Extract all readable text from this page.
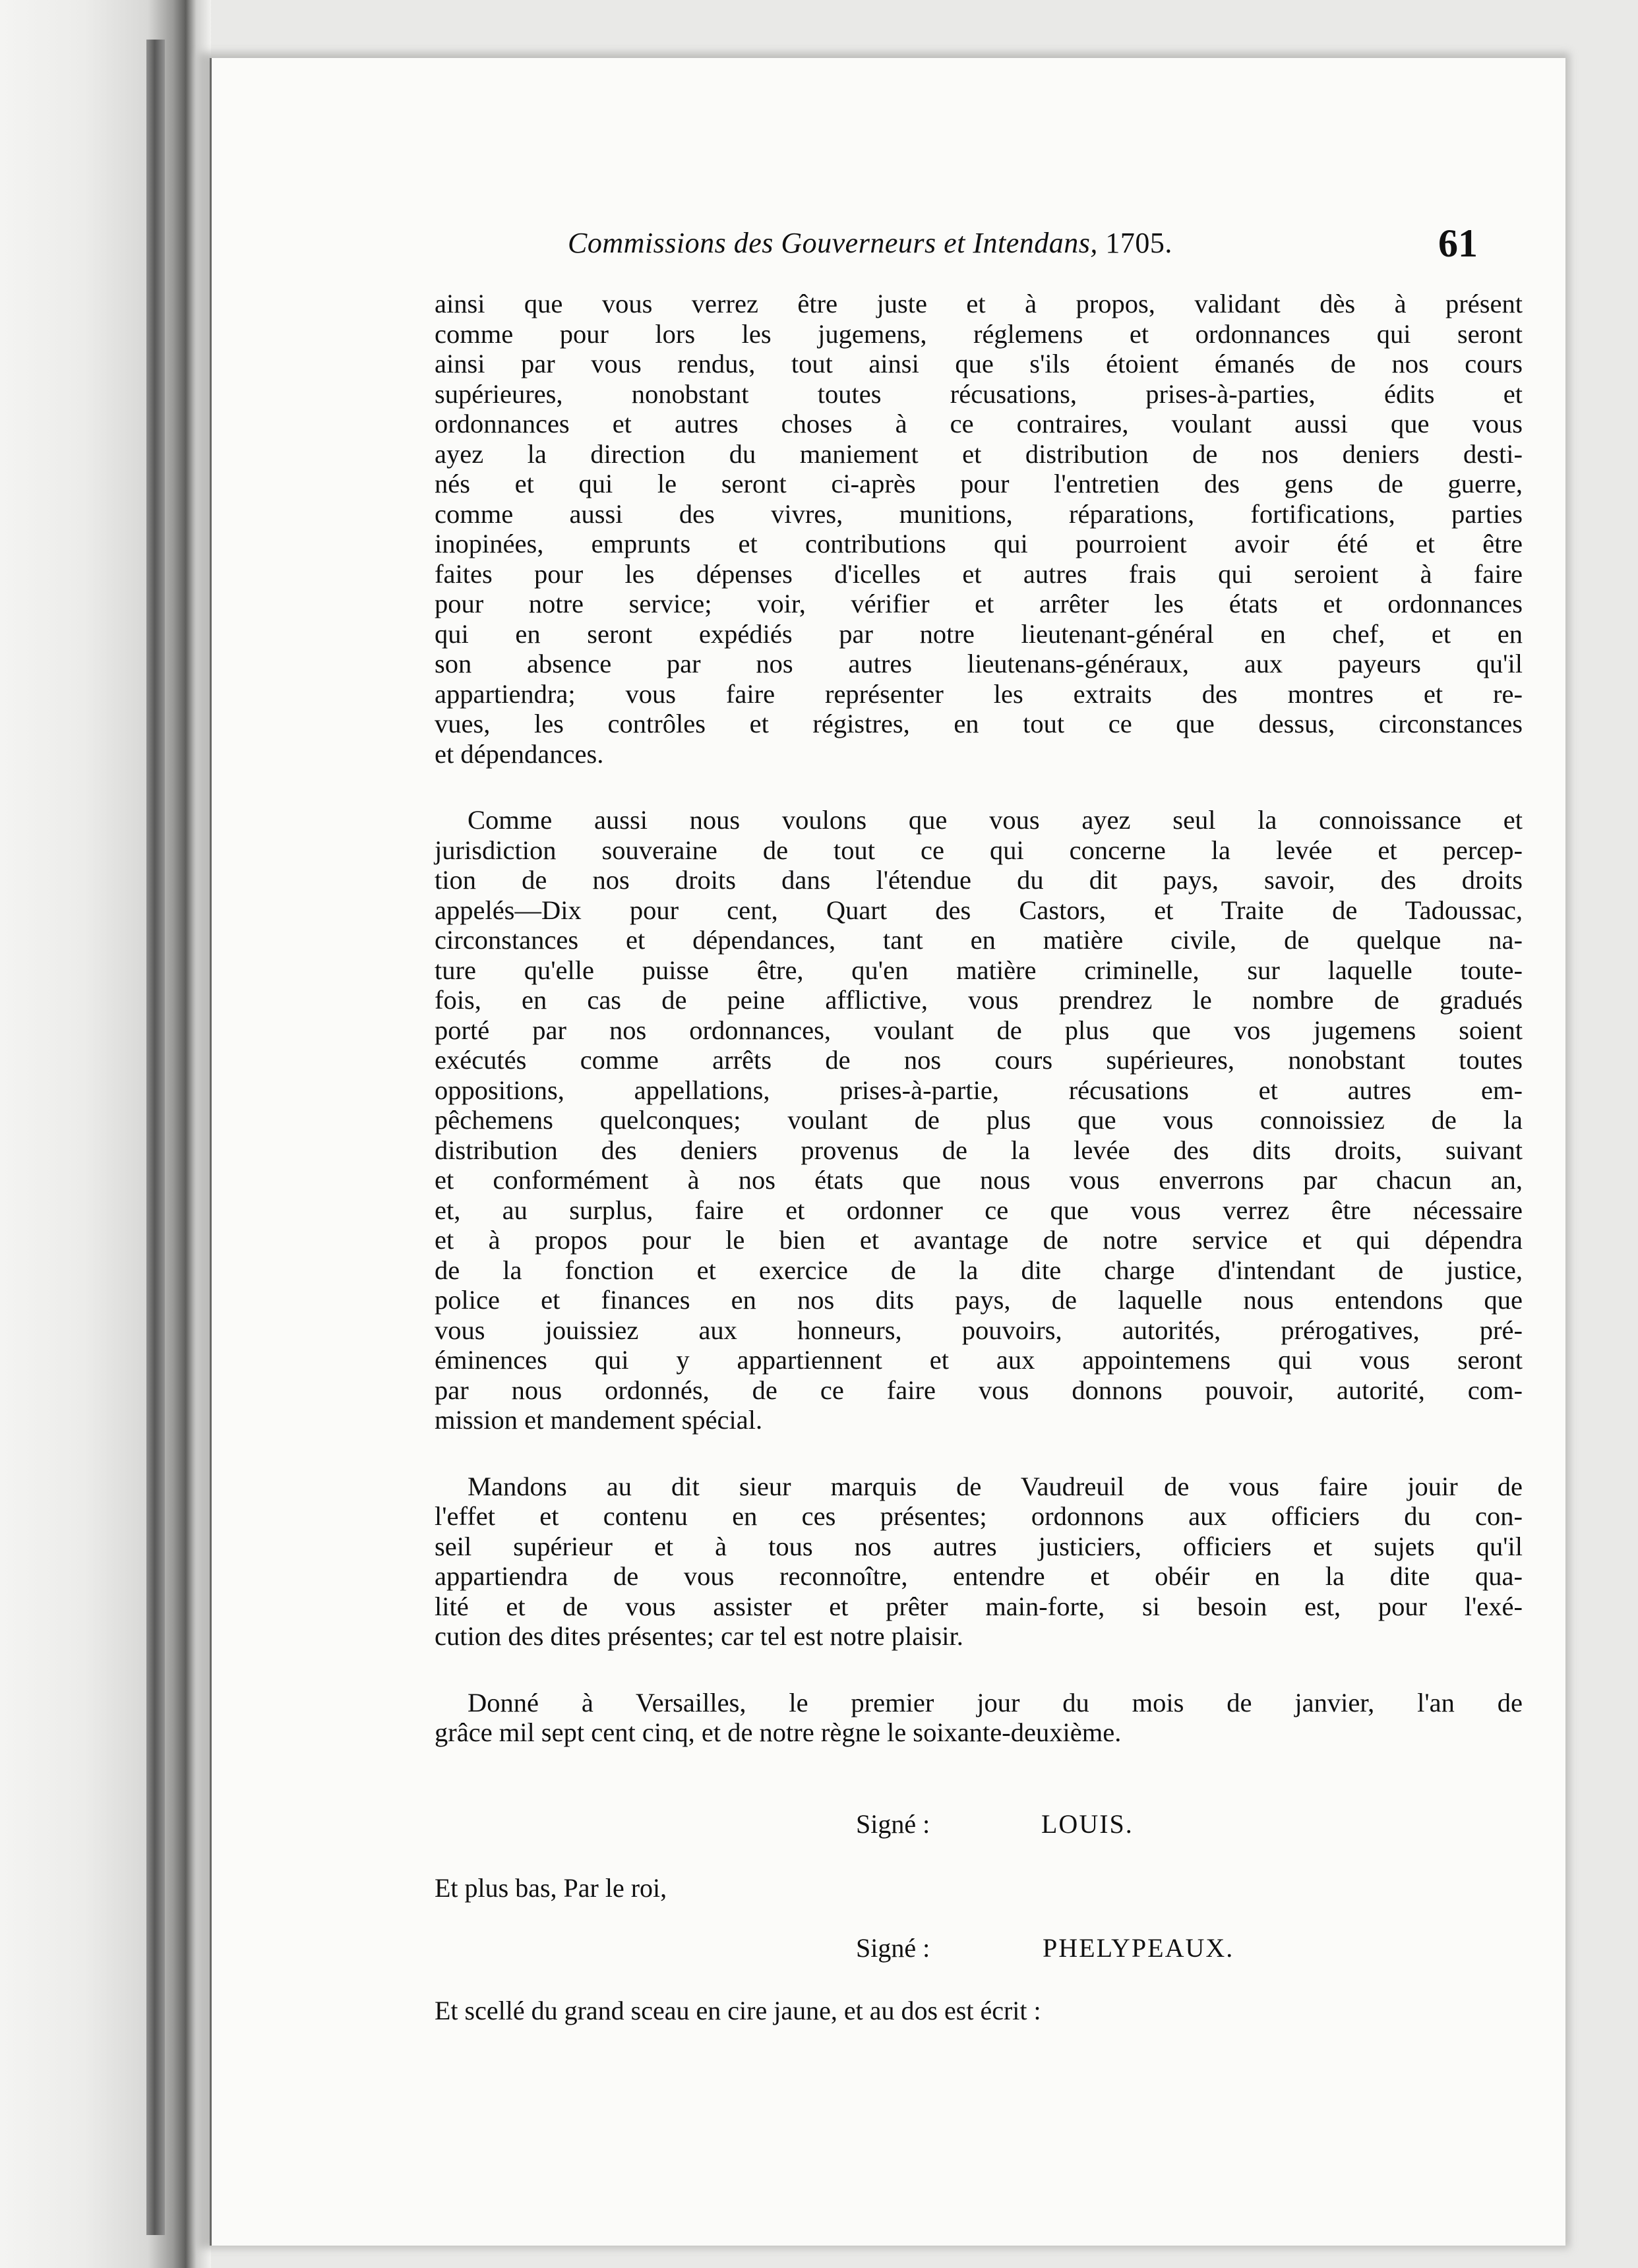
Commissions des Gouverneurs et Intendans, 1705.	61

ainsi que vous verrez être juste et à propos, validant dès à présent
comme pour lors les jugemens, réglemens et ordonnances qui seront
ainsi par vous rendus, tout ainsi que s'ils étoient émanés de nos cours
supérieures, nonobstant toutes récusations, prises-à-parties, édits et
ordonnances et autres choses à ce contraires, voulant aussi que vous
ayez la direction du maniement et distribution de nos deniers desti-
nés et qui le seront ci-après pour l'entretien des gens de guerre,
comme aussi des vivres, munitions, réparations, fortifications, parties
inopinées, emprunts et contributions qui pourroient avoir été et être
faites pour les dépenses d'icelles et autres frais qui seroient à faire
pour notre service; voir, vérifier et arrêter les états et ordonnances
qui en seront expédiés par notre lieutenant-général en chef, et en
son absence par nos autres lieutenans-généraux, aux payeurs qu'il
appartiendra; vous faire représenter les extraits des montres et re-
vues, les contrôles et régistres, en tout ce que dessus, circonstances
et dépendances.

Comme aussi nous voulons que vous ayez seul la connoissance et
jurisdiction souveraine de tout ce qui concerne la levée et percep-
tion de nos droits dans l'étendue du dit pays, savoir, des droits
appelés—Dix pour cent, Quart des Castors, et Traite de Tadoussac,
circonstances et dépendances, tant en matière civile, de quelque na-
ture qu'elle puisse être, qu'en matière criminelle, sur laquelle toute-
fois, en cas de peine afflictive, vous prendrez le nombre de gradués
porté par nos ordonnances, voulant de plus que vos jugemens soient
exécutés comme arrêts de nos cours supérieures, nonobstant toutes
oppositions, appellations, prises-à-partie, récusations et autres em-
pêchemens quelconques; voulant de plus que vous connoissiez de la
distribution des deniers provenus de la levée des dits droits, suivant
et conformément à nos états que nous vous enverrons par chacun an,
et, au surplus, faire et ordonner ce que vous verrez être nécessaire
et à propos pour le bien et avantage de notre service et qui dépendra
de la fonction et exercice de la dite charge d'intendant de justice,
police et finances en nos dits pays, de laquelle nous entendons que
vous jouissiez aux honneurs, pouvoirs, autorités, prérogatives, pré-
éminences qui y appartiennent et aux appointemens qui vous seront
par nous ordonnés, de ce faire vous donnons pouvoir, autorité, com-
mission et mandement spécial.

Mandons au dit sieur marquis de Vaudreuil de vous faire jouir de
l'effet et contenu en ces présentes; ordonnons aux officiers du con-
seil supérieur et à tous nos autres justiciers, officiers et sujets qu'il
appartiendra de vous reconnoître, entendre et obéir en la dite qua-
lité et de vous assister et prêter main-forte, si besoin est, pour l'exé-
cution des dites présentes; car tel est notre plaisir.

Donné à Versailles, le premier jour du mois de janvier, l'an de
grâce mil sept cent cinq, et de notre règne le soixante-deuxième.

Signé :	LOUIS.
Et plus bas, Par le roi,
Signé :	PHELYPEAUX.
Et scellé du grand sceau en cire jaune, et au dos est écrit :
